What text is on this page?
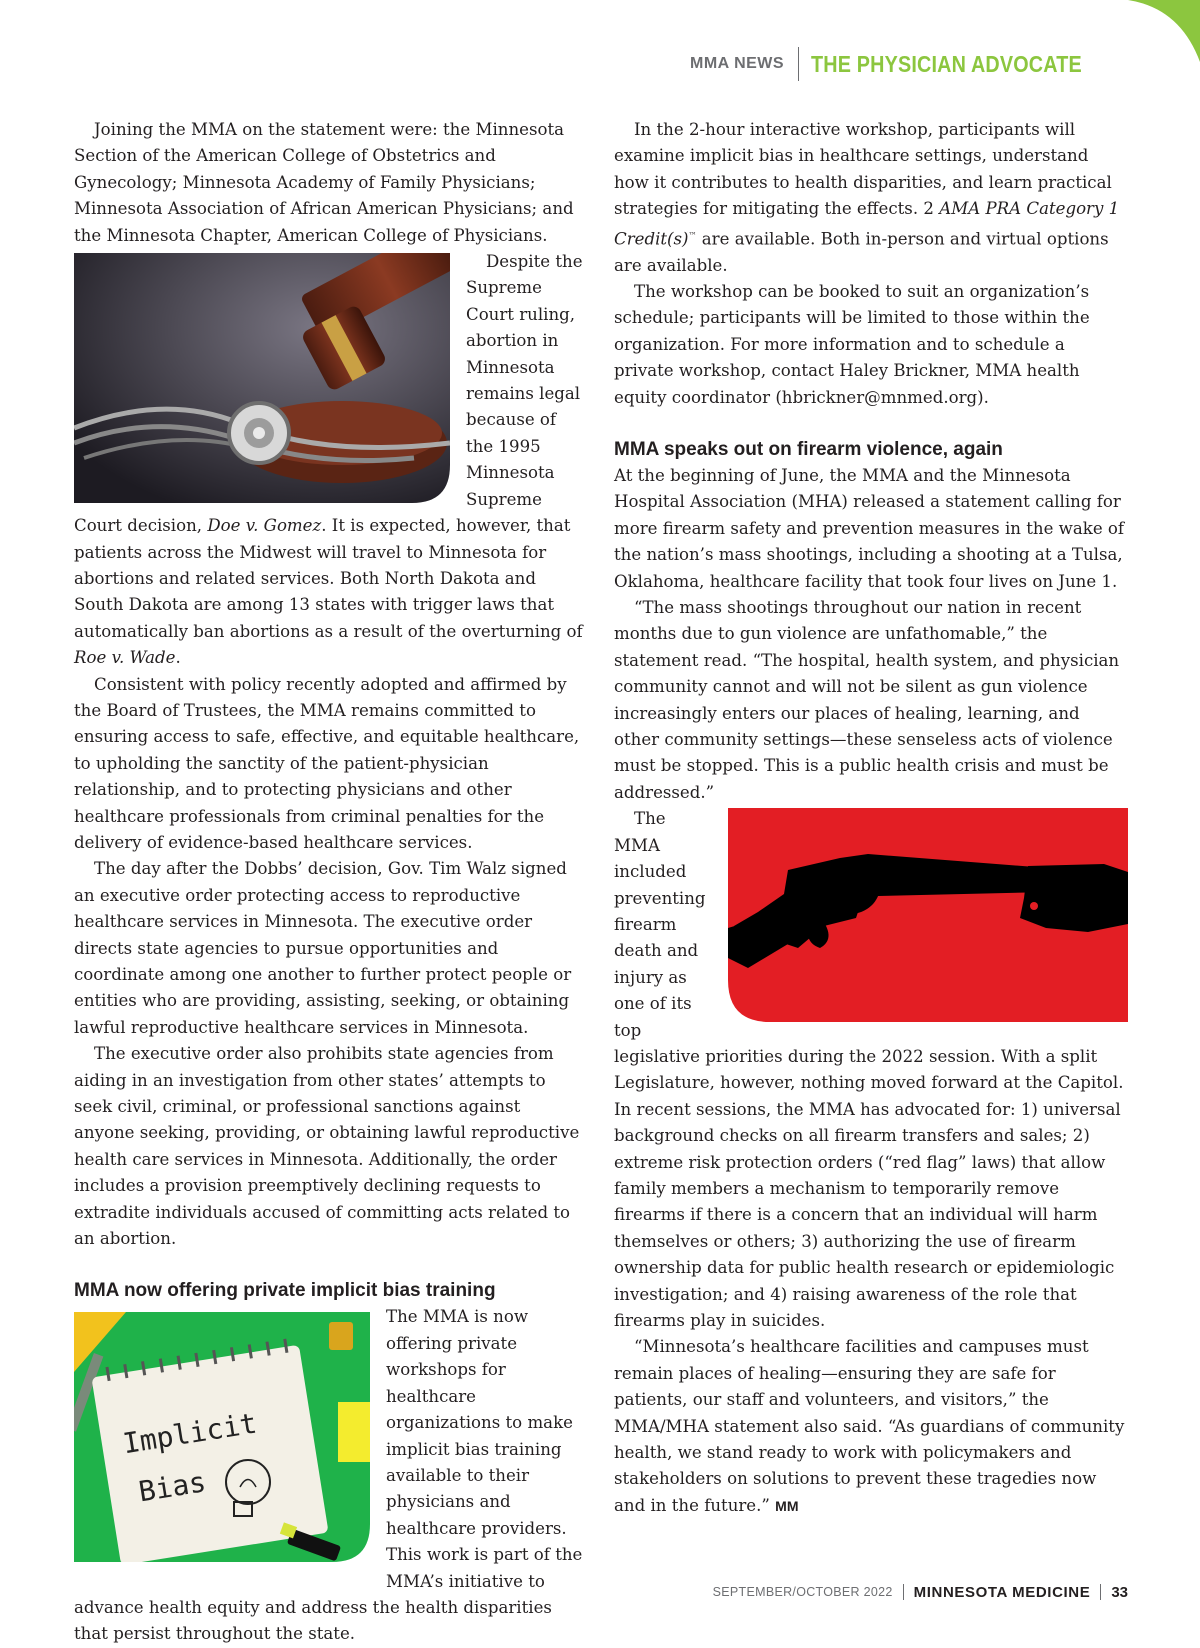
MMA NEWS	THE PHYSICIAN ADVOCATE

Joining the MMA on the statement were: the Minnesota Section of the American College of Obstetrics and Gynecology; Minnesota Academy of Family Physicians; Minnesota Association of African American Physicians; and the Minnesota Chapter, American College of Physicians.

Despite the Supreme Court ruling, abortion in Minnesota remains legal because of the 1995 Minnesota Supreme Court decision, Doe v. Gomez. It is expected, however, that patients across the Midwest will travel to Minnesota for abortions and related services. Both North Dakota and South Dakota are among 13 states with trigger laws that automatically ban abortions as a result of the overturning of Roe v. Wade.

Consistent with policy recently adopted and affirmed by the Board of Trustees, the MMA remains committed to ensuring access to safe, effective, and equitable healthcare, to upholding the sanctity of the patient-physician relationship, and to protecting physicians and other healthcare professionals from criminal penalties for the delivery of evidence-based healthcare services.

The day after the Dobbs’ decision, Gov. Tim Walz signed an executive order protecting access to reproductive healthcare services in Minnesota. The executive order directs state agencies to pursue opportunities and coordinate among one another to further protect people or entities who are providing, assisting, seeking, or obtaining lawful reproductive healthcare services in Minnesota.

The executive order also prohibits state agencies from aiding in an investigation from other states’ attempts to seek civil, criminal, or professional sanctions against anyone seeking, providing, or obtaining lawful reproductive health care services in Minnesota. Additionally, the order includes a provision preemptively declining requests to extradite individuals accused of committing acts related to an abortion.

MMA now offering private implicit bias training
Implicit
Bias

The MMA is now offering private workshops for healthcare organizations to make implicit bias training available to their physicians and healthcare providers. This work is part of the MMA’s initiative to advance health equity and address the health disparities that persist throughout the state.

In the 2-hour interactive workshop, participants will examine implicit bias in healthcare settings, understand how it contributes to health disparities, and learn practical strategies for mitigating the effects. 2 AMA PRA Category 1 Credit(s)™ are available. Both in-person and virtual options are available.

The workshop can be booked to suit an organization’s schedule; participants will be limited to those within the organization. For more information and to schedule a private workshop, contact Haley Brickner, MMA health equity coordinator (hbrickner@mnmed.org).

MMA speaks out on firearm violence, again

At the beginning of June, the MMA and the Minnesota Hospital Association (MHA) released a statement calling for more firearm safety and prevention measures in the wake of the nation’s mass shootings, including a shooting at a Tulsa, Oklahoma, healthcare facility that took four lives on June 1.

“The mass shootings throughout our nation in recent months due to gun violence are unfathomable,” the statement read. “The hospital, health system, and physician community cannot and will not be silent as gun violence increasingly enters our places of healing, learning, and other community settings—these senseless acts of violence must be stopped. This is a public health crisis and must be addressed.”

The MMA included preventing firearm death and injury as one of its top legislative priorities during the 2022 session. With a split Legislature, however, nothing moved forward at the Capitol. In recent sessions, the MMA has advocated for: 1) universal background checks on all firearm transfers and sales; 2) extreme risk protection orders (“red flag” laws) that allow family members a mechanism to temporarily remove firearms if there is a concern that an individual will harm themselves or others; 3) authorizing the use of firearm ownership data for public health research or epidemiologic investigation; and 4) raising awareness of the role that firearms play in suicides.

“Minnesota’s healthcare facilities and campuses must remain places of healing—ensuring they are safe for patients, our staff and volunteers, and visitors,” the MMA/MHA statement also said. “As guardians of community health, we stand ready to work with policymakers and stakeholders on solutions to prevent these tragedies now and in the future.” MM

SEPTEMBER/OCTOBER 2022 MINNESOTA MEDICINE 33
